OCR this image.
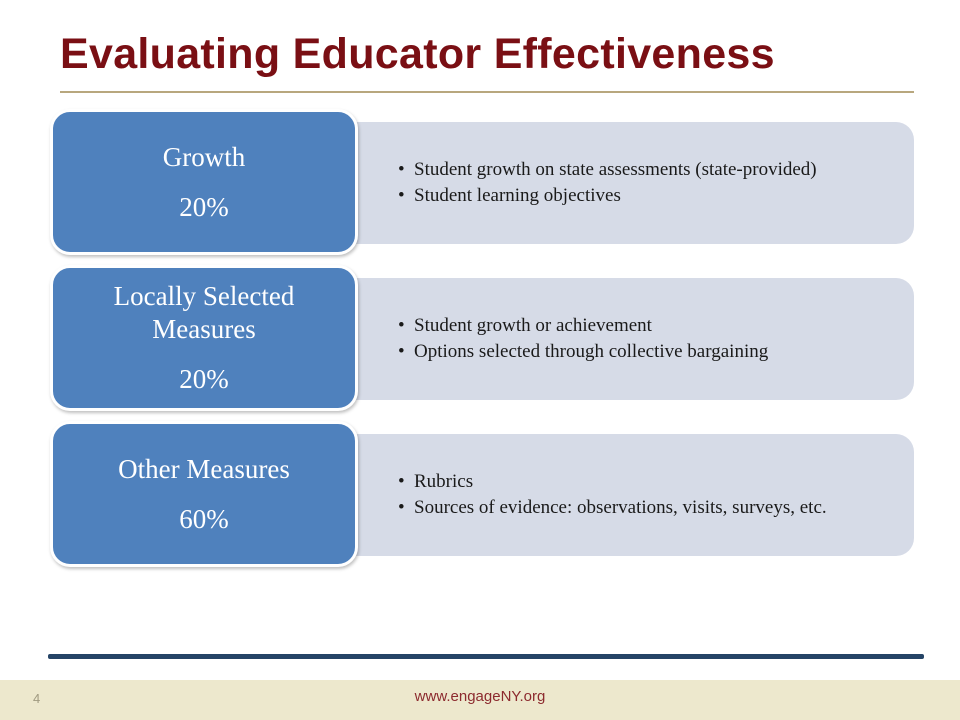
Evaluating Educator Effectiveness
• Student growth on state assessments (state-provided)
• Student learning objectives
Growth
20%
• Student growth or achievement
• Options selected through collective bargaining
Locally Selected Measures
20%
• Rubrics
• Sources of evidence: observations, visits, surveys, etc.
Other Measures
60%
4	www.engageNY.org
